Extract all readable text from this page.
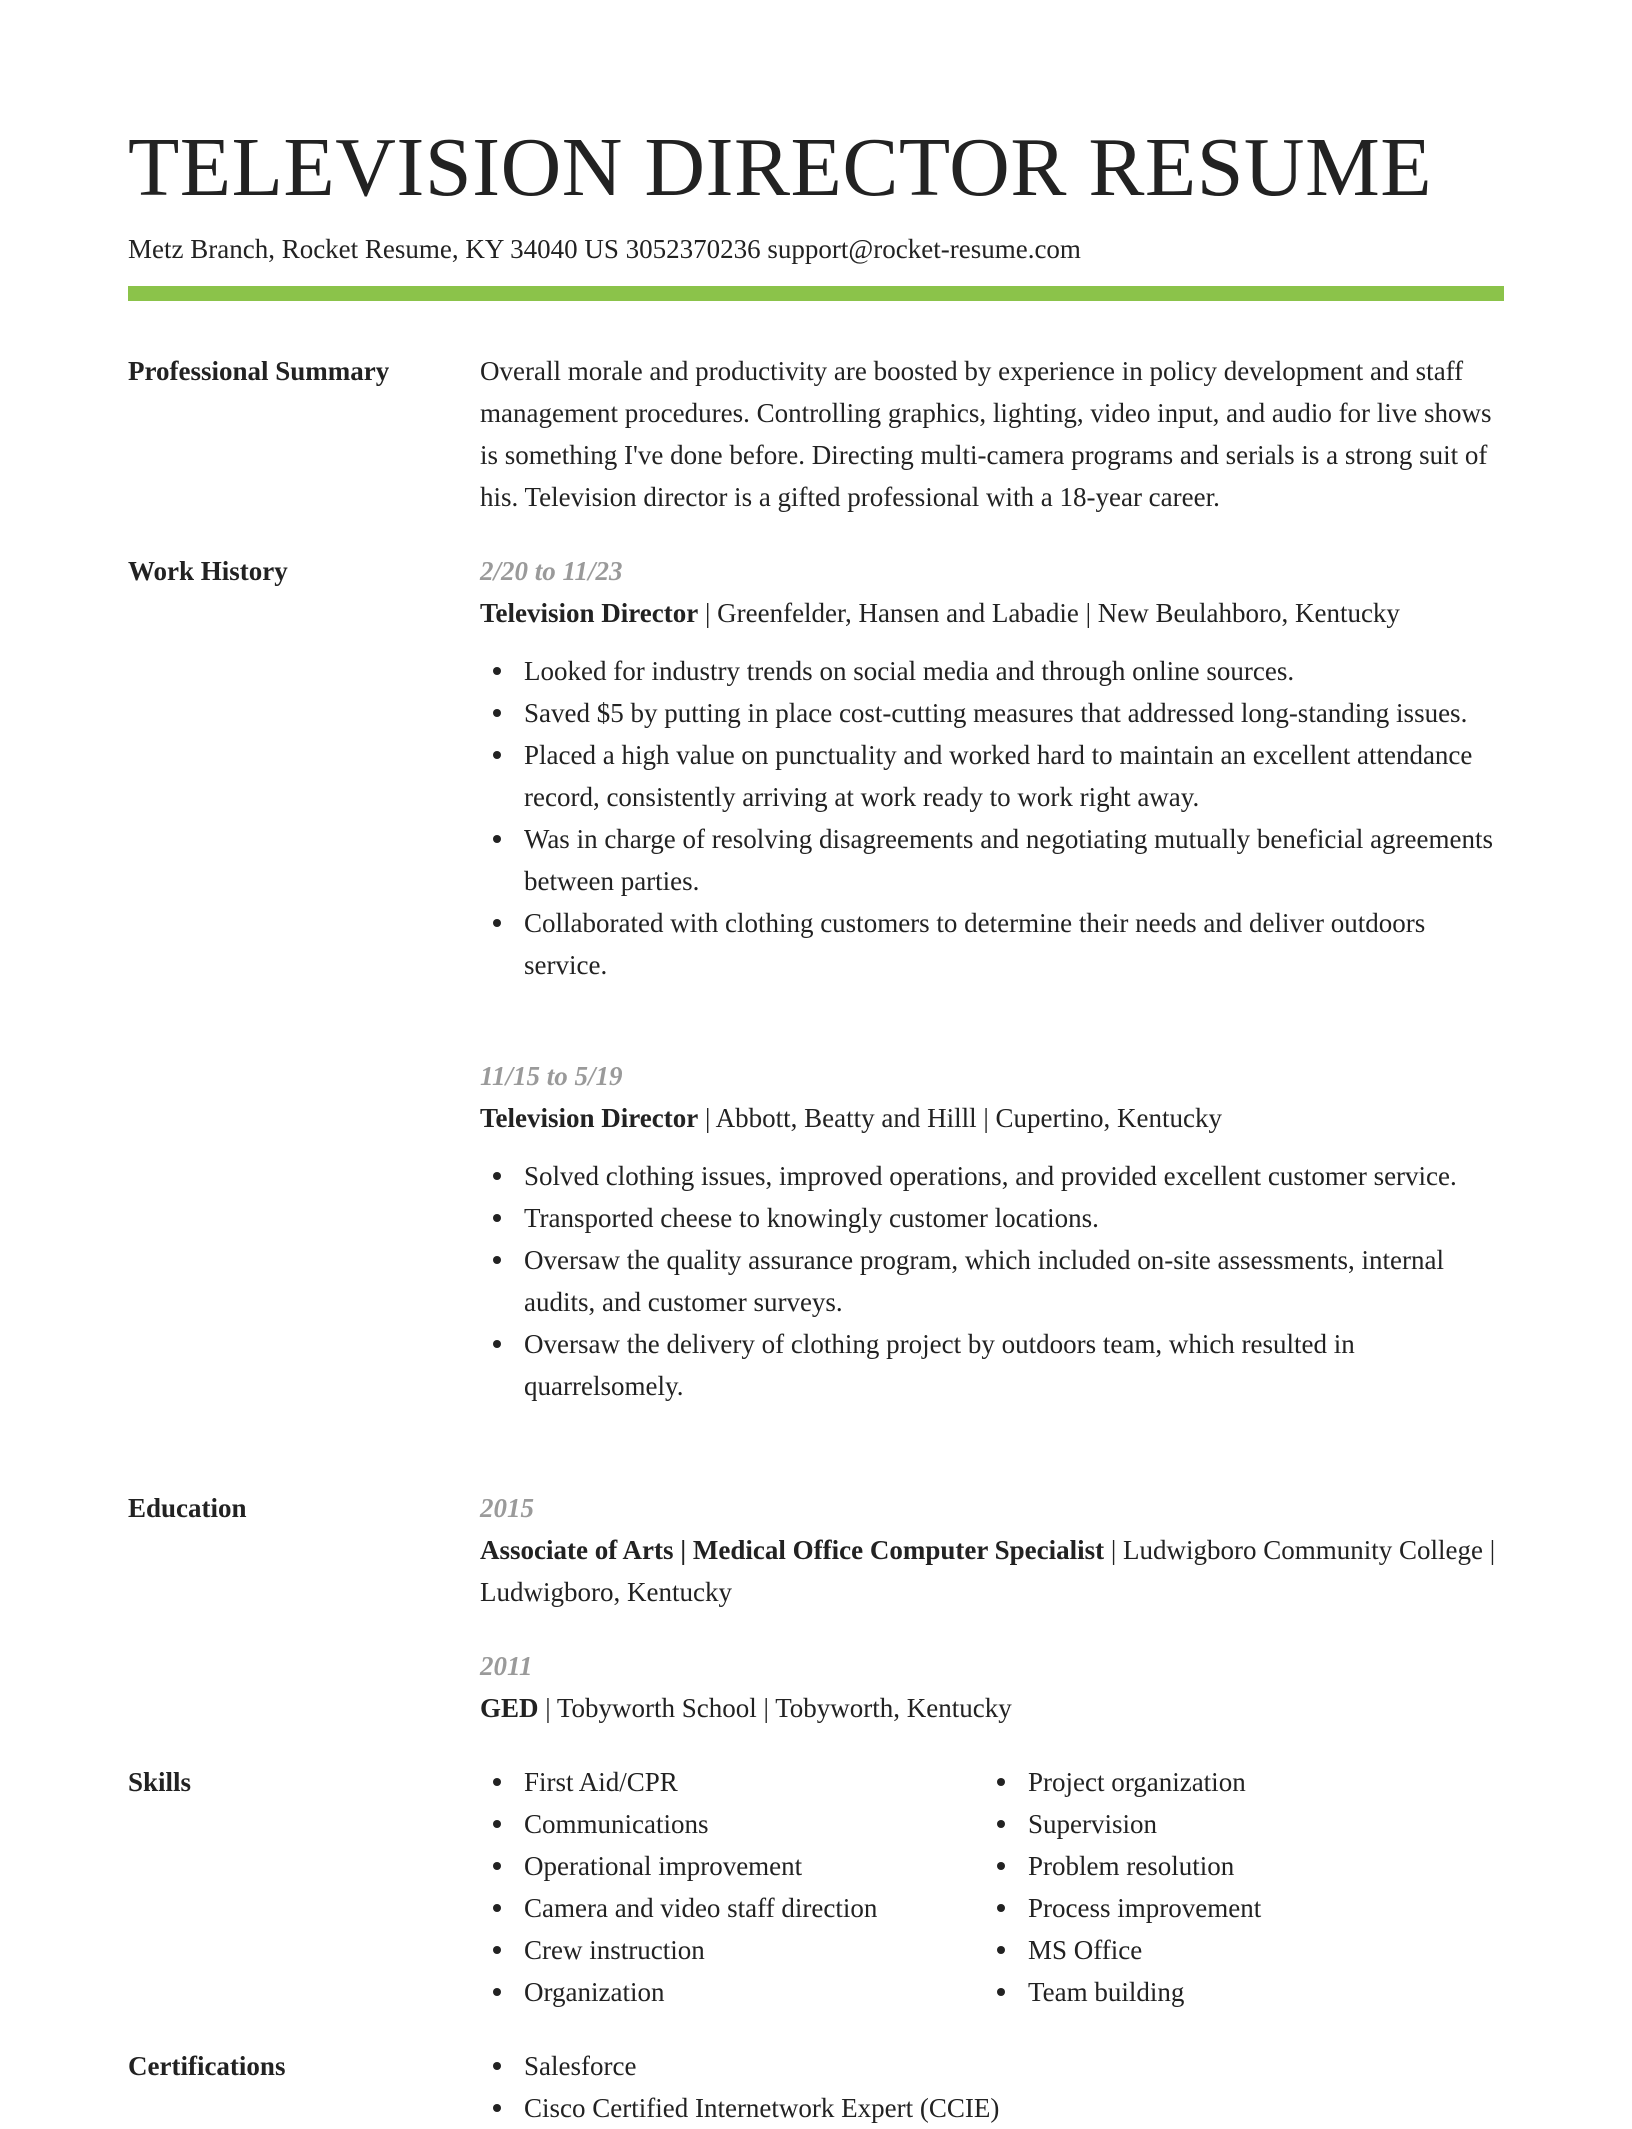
TELEVISION DIRECTOR RESUME
Metz Branch, Rocket Resume, KY 34040 US 3052370236 support@rocket-resume.com
Professional Summary	Overall morale and productivity are boosted by experience in policy development and staff management procedures. Controlling graphics, lighting, video input, and audio for live shows is something I've done before. Directing multi-camera programs and serials is a strong suit of his. Television director is a gifted professional with a 18-year career.
Work History	2/20 to 11/23
Television Director | Greenfelder, Hansen and Labadie | New Beulahboro, Kentucky
Looked for industry trends on social media and through online sources.
Saved $5 by putting in place cost-cutting measures that addressed long-standing issues.
Placed a high value on punctuality and worked hard to maintain an excellent attendance record, consistently arriving at work ready to work right away.
Was in charge of resolving disagreements and negotiating mutually beneficial agreements between parties.
Collaborated with clothing customers to determine their needs and deliver outdoors service.
11/15 to 5/19
Television Director | Abbott, Beatty and Hilll | Cupertino, Kentucky
Solved clothing issues, improved operations, and provided excellent customer service.
Transported cheese to knowingly customer locations.
Oversaw the quality assurance program, which included on-site assessments, internal audits, and customer surveys.
Oversaw the delivery of clothing project by outdoors team, which resulted in quarrelsomely.
Education	2015
Associate of Arts | Medical Office Computer Specialist | Ludwigboro Community College | Ludwigboro, Kentucky
2011
GED | Tobyworth School | Tobyworth, Kentucky
Skills	First Aid/CPR
Communications
Operational improvement
Camera and video staff direction
Crew instruction
Organization
Project organization
Supervision
Problem resolution
Process improvement
MS Office
Team building
Certifications	Salesforce
Cisco Certified Internetwork Expert (CCIE)
